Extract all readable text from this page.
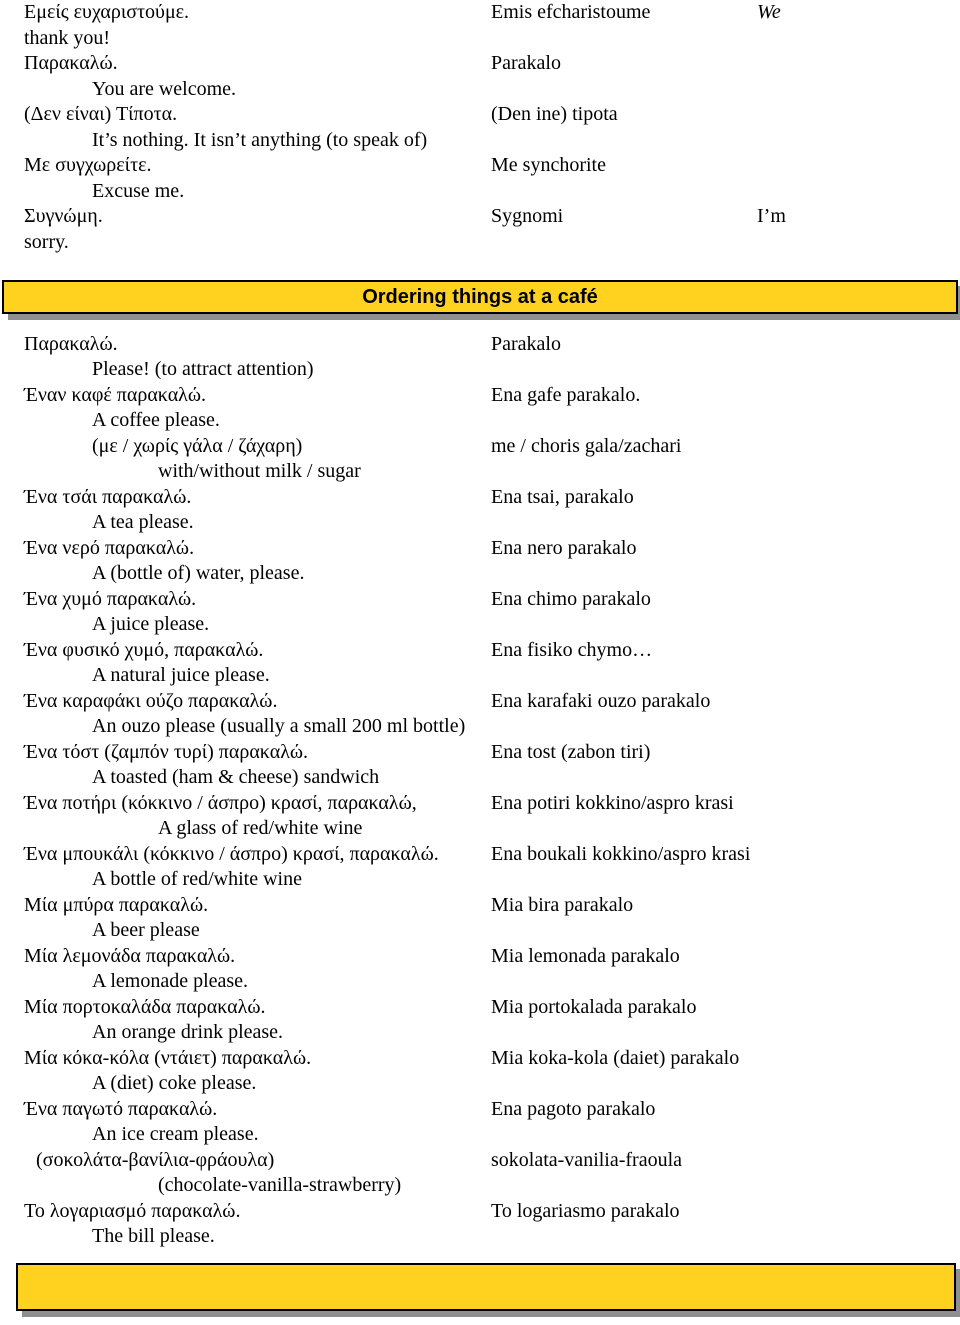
Εμείς ευχαριστούμε.	Emis efcharistoume	We
thank you!
Παρακαλώ.	Parakalo
You are welcome.
(Δεν είναι) Τίποτα.	(Den ine) tipota
It’s nothing. It isn’t anything (to speak of)
Με συγχωρείτε.	Me synchorite
Excuse me.
Συγνώμη.	Sygnomi	I’m
sorry.
Ordering things at a café
Παρακαλώ.	Parakalo
Please! (to attract attention)
Έναν καφέ παρακαλώ.	Ena gafe parakalo.
A coffee please.
(με / χωρίς γάλα / ζάχαρη)	me / choris gala/zachari
with/without milk / sugar
Ένα τσάι παρακαλώ.	Ena tsai, parakalo
A tea please.
Ένα νερό παρακαλώ.	Ena nero parakalo
A (bottle of) water, please.
Ένα χυμό παρακαλώ.	Ena chimo parakalo
A juice please.
Ένα φυσικό χυμό, παρακαλώ.	Ena fisiko chymo…
A natural juice please.
Ένα καραφάκι ούζο παρακαλώ.	Ena karafaki ouzo parakalo
An ouzo please (usually a small 200 ml bottle)
Ένα τόστ (ζαμπόν τυρί) παρακαλώ.	Ena tost (zabon tiri)
A toasted (ham & cheese) sandwich
Ένα ποτήρι (κόκκινο / άσπρο) κρασί, παρακαλώ,	Ena potiri kokkino/aspro krasi
A glass of red/white wine
Ένα μπουκάλι (κόκκινο / άσπρο) κρασί, παρακαλώ.	Ena boukali kokkino/aspro krasi
A bottle of red/white wine
Μία μπύρα παρακαλώ.	Mia bira parakalo
A beer please
Μία λεμονάδα παρακαλώ.	Mia lemonada parakalo
A lemonade please.
Μία πορτοκαλάδα παρακαλώ.	Mia portokalada parakalo
An orange drink please.
Μία κόκα-κόλα (ντάιετ) παρακαλώ.	Mia koka-kola (daiet) parakalo
A (diet) coke please.
Ένα παγωτό παρακαλώ.	Ena pagoto parakalo
An ice cream please.
(σοκολάτα-βανίλια-φράουλα)	sokolata-vanilia-fraoula
(chocolate-vanilla-strawberry)
Το λογαριασμό παρακαλώ.	To logariasmo parakalo
The bill please.
